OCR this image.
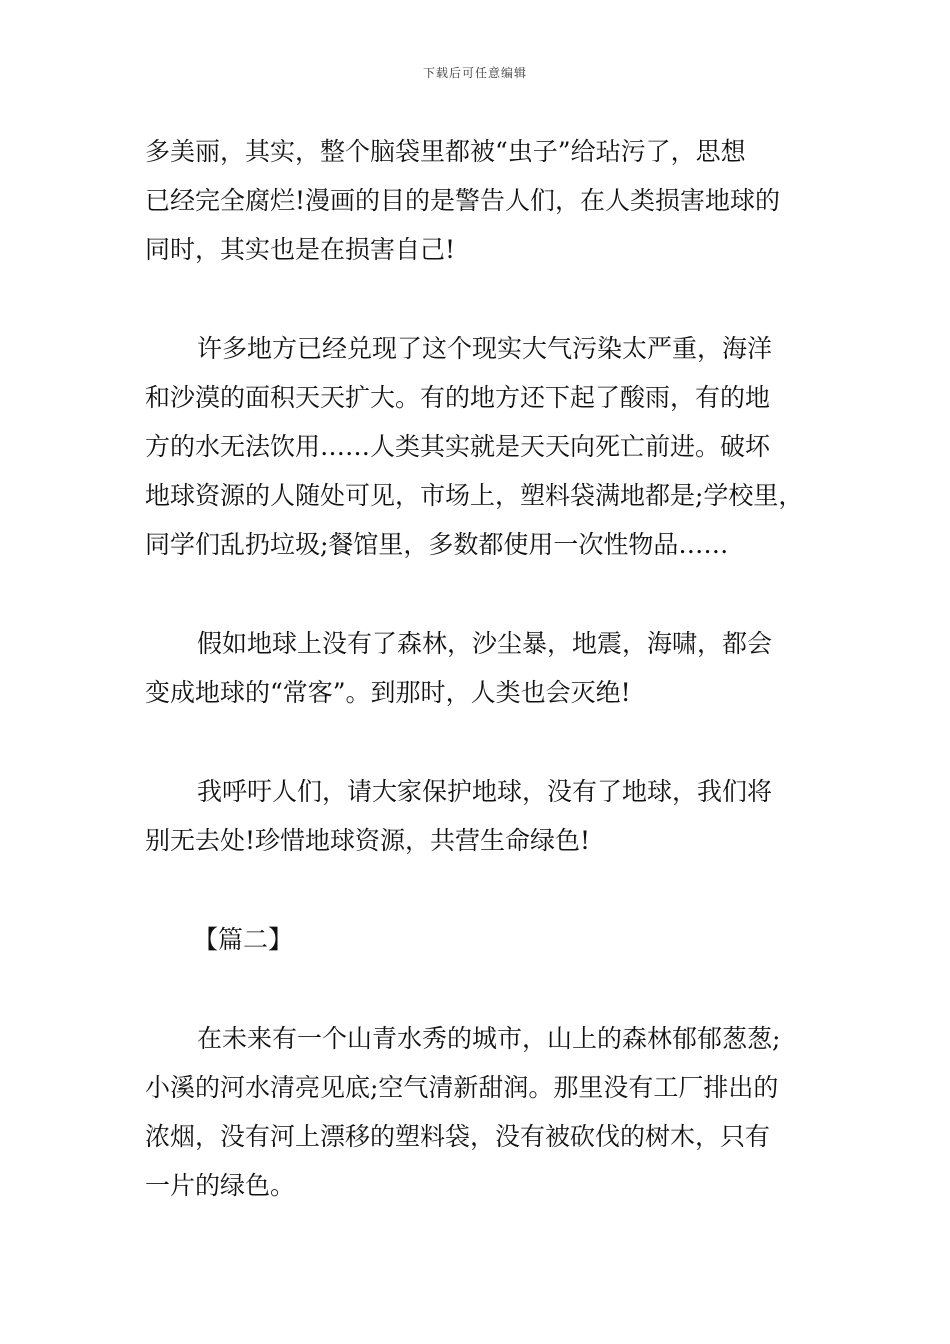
下载后可任意编辑

多美丽，其实，整个脑袋里都被“虫子”给玷污了，思想
已经完全腐烂!漫画的目的是警告人们，在人类损害地球的
同时，其实也是在损害自己!

许多地方已经兑现了这个现实大气污染太严重，海洋
和沙漠的面积天天扩大。有的地方还下起了酸雨，有的地
方的水无法饮用……人类其实就是天天向死亡前进。破坏
地球资源的人随处可见，市场上，塑料袋满地都是;学校里，
同学们乱扔垃圾;餐馆里，多数都使用一次性物品……

假如地球上没有了森林，沙尘暴，地震，海啸，都会
变成地球的“常客”。到那时，人类也会灭绝!

我呼吁人们，请大家保护地球，没有了地球，我们将
别无去处!珍惜地球资源，共营生命绿色!

【篇二】

在未来有一个山青水秀的城市，山上的森林郁郁葱葱;
小溪的河水清亮见底;空气清新甜润。那里没有工厂排出的
浓烟，没有河上漂移的塑料袋，没有被砍伐的树木，只有
一片的绿色。
